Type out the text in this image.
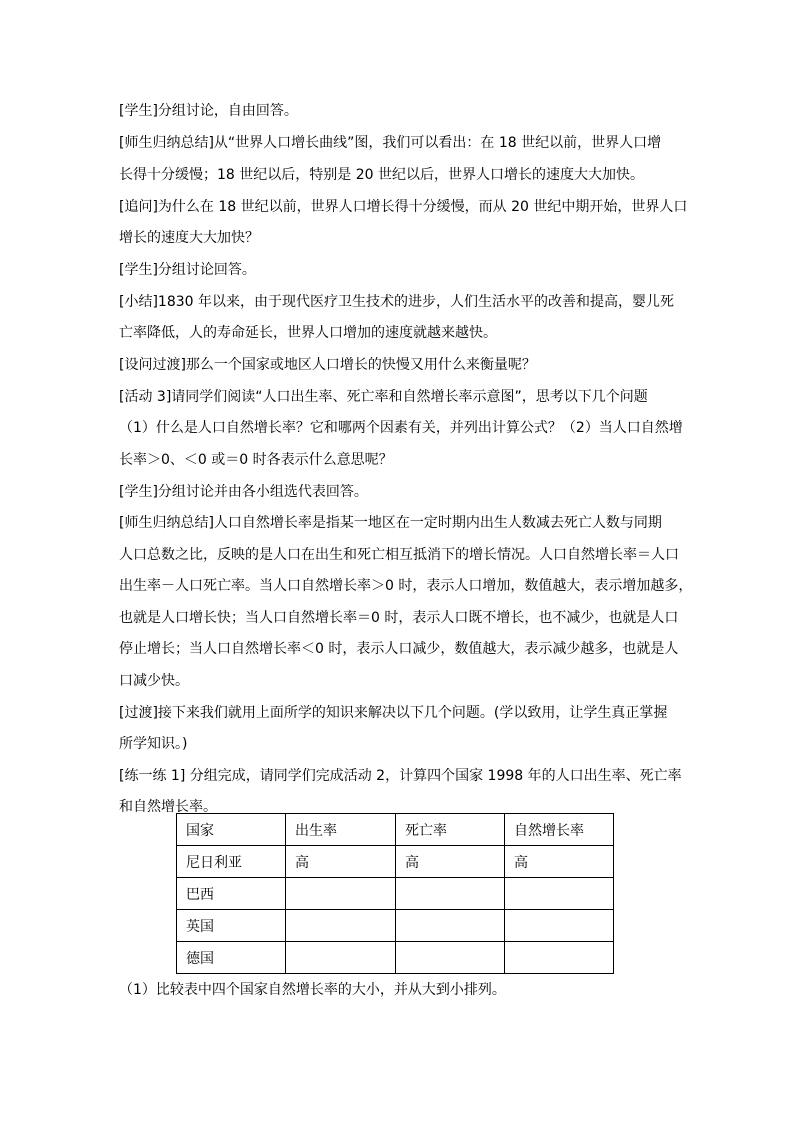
[学生]分组讨论，自由回答。

[师生归纳总结]从“世界人口增长曲线”图，我们可以看出：在 18 世纪以前，世界人口增

长得十分缓慢；18 世纪以后，特别是 20 世纪以后，世界人口增长的速度大大加快。

[追问]为什么在 18 世纪以前，世界人口增长得十分缓慢，而从 20 世纪中期开始，世界人口

增长的速度大大加快？

[学生]分组讨论回答。

[小结]1830 年以来，由于现代医疗卫生技术的进步，人们生活水平的改善和提高，婴儿死

亡率降低，人的寿命延长，世界人口增加的速度就越来越快。

[设问过渡]那么一个国家或地区人口增长的快慢又用什么来衡量呢？

[活动 3]请同学们阅读“人口出生率、死亡率和自然增长率示意图”，思考以下几个问题

（1）什么是人口自然增长率？它和哪两个因素有关，并列出计算公式？（2）当人口自然增

长率＞0、＜0 或＝0 时各表示什么意思呢？

[学生]分组讨论并由各小组选代表回答。

[师生归纳总结]人口自然增长率是指某一地区在一定时期内出生人数减去死亡人数与同期

人口总数之比，反映的是人口在出生和死亡相互抵消下的增长情况。人口自然增长率＝人口

出生率－人口死亡率。当人口自然增长率＞0 时，表示人口增加，数值越大，表示增加越多，

也就是人口增长快；当人口自然增长率＝0 时，表示人口既不增长，也不减少，也就是人口

停止增长；当人口自然增长率＜0 时，表示人口减少，数值越大，表示减少越多，也就是人

口减少快。

[过渡]接下来我们就用上面所学的知识来解决以下几个问题。(学以致用，让学生真正掌握

所学知识。)

[练一练 1] 分组完成，请同学们完成活动 2，计算四个国家 1998 年的人口出生率、死亡率

和自然增长率。

国家	出生率	死亡率	自然增长率
尼日利亚	高	高	高
巴西			
英国			
德国			

（1）比较表中四个国家自然增长率的大小，并从大到小排列。
